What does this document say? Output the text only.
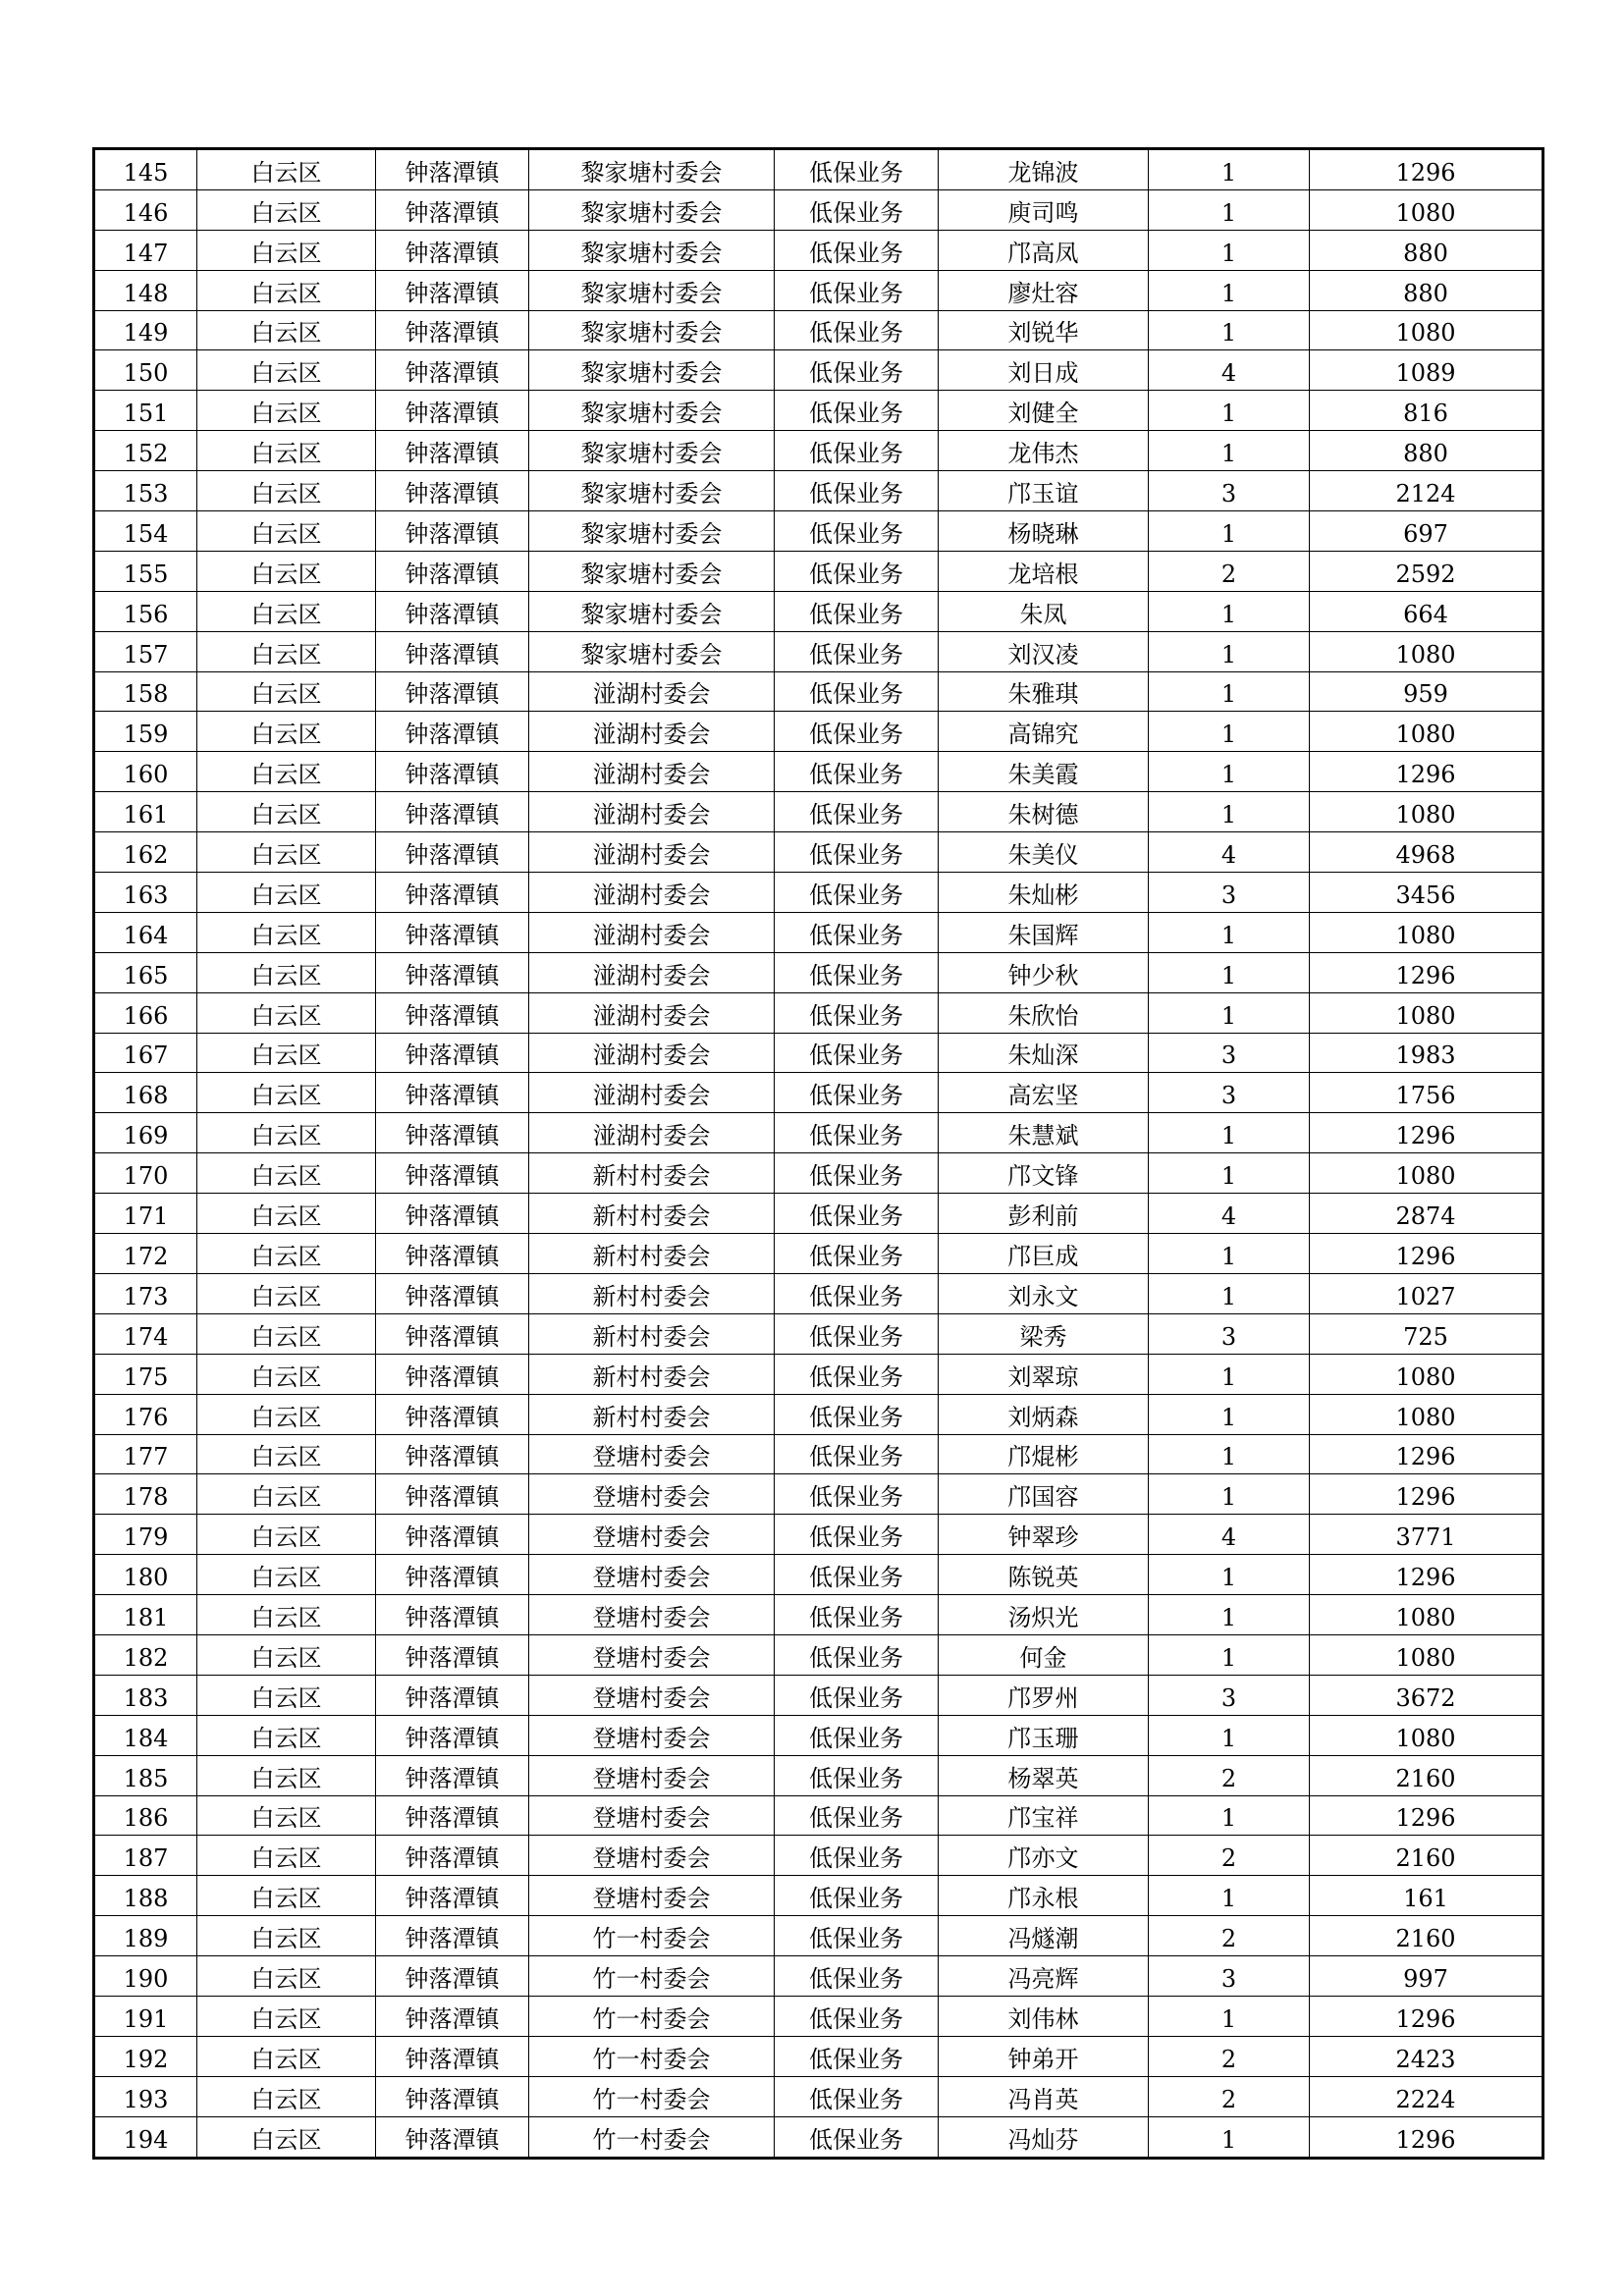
145	白云区	钟落潭镇	黎家塘村委会	低保业务	龙锦波	1	1296
146	白云区	钟落潭镇	黎家塘村委会	低保业务	庾司鸣	1	1080
147	白云区	钟落潭镇	黎家塘村委会	低保业务	邝高凤	1	880
148	白云区	钟落潭镇	黎家塘村委会	低保业务	廖灶容	1	880
149	白云区	钟落潭镇	黎家塘村委会	低保业务	刘锐华	1	1080
150	白云区	钟落潭镇	黎家塘村委会	低保业务	刘日成	4	1089
151	白云区	钟落潭镇	黎家塘村委会	低保业务	刘健全	1	816
152	白云区	钟落潭镇	黎家塘村委会	低保业务	龙伟杰	1	880
153	白云区	钟落潭镇	黎家塘村委会	低保业务	邝玉谊	3	2124
154	白云区	钟落潭镇	黎家塘村委会	低保业务	杨晓琳	1	697
155	白云区	钟落潭镇	黎家塘村委会	低保业务	龙培根	2	2592
156	白云区	钟落潭镇	黎家塘村委会	低保业务	朱凤	1	664
157	白云区	钟落潭镇	黎家塘村委会	低保业务	刘汉凌	1	1080
158	白云区	钟落潭镇	湴湖村委会	低保业务	朱雅琪	1	959
159	白云区	钟落潭镇	湴湖村委会	低保业务	高锦究	1	1080
160	白云区	钟落潭镇	湴湖村委会	低保业务	朱美霞	1	1296
161	白云区	钟落潭镇	湴湖村委会	低保业务	朱树德	1	1080
162	白云区	钟落潭镇	湴湖村委会	低保业务	朱美仪	4	4968
163	白云区	钟落潭镇	湴湖村委会	低保业务	朱灿彬	3	3456
164	白云区	钟落潭镇	湴湖村委会	低保业务	朱国辉	1	1080
165	白云区	钟落潭镇	湴湖村委会	低保业务	钟少秋	1	1296
166	白云区	钟落潭镇	湴湖村委会	低保业务	朱欣怡	1	1080
167	白云区	钟落潭镇	湴湖村委会	低保业务	朱灿深	3	1983
168	白云区	钟落潭镇	湴湖村委会	低保业务	高宏坚	3	1756
169	白云区	钟落潭镇	湴湖村委会	低保业务	朱慧斌	1	1296
170	白云区	钟落潭镇	新村村委会	低保业务	邝文锋	1	1080
171	白云区	钟落潭镇	新村村委会	低保业务	彭利前	4	2874
172	白云区	钟落潭镇	新村村委会	低保业务	邝巨成	1	1296
173	白云区	钟落潭镇	新村村委会	低保业务	刘永文	1	1027
174	白云区	钟落潭镇	新村村委会	低保业务	梁秀	3	725
175	白云区	钟落潭镇	新村村委会	低保业务	刘翠琼	1	1080
176	白云区	钟落潭镇	新村村委会	低保业务	刘炳森	1	1080
177	白云区	钟落潭镇	登塘村委会	低保业务	邝焜彬	1	1296
178	白云区	钟落潭镇	登塘村委会	低保业务	邝国容	1	1296
179	白云区	钟落潭镇	登塘村委会	低保业务	钟翠珍	4	3771
180	白云区	钟落潭镇	登塘村委会	低保业务	陈锐英	1	1296
181	白云区	钟落潭镇	登塘村委会	低保业务	汤炽光	1	1080
182	白云区	钟落潭镇	登塘村委会	低保业务	何金	1	1080
183	白云区	钟落潭镇	登塘村委会	低保业务	邝罗州	3	3672
184	白云区	钟落潭镇	登塘村委会	低保业务	邝玉珊	1	1080
185	白云区	钟落潭镇	登塘村委会	低保业务	杨翠英	2	2160
186	白云区	钟落潭镇	登塘村委会	低保业务	邝宝祥	1	1296
187	白云区	钟落潭镇	登塘村委会	低保业务	邝亦文	2	2160
188	白云区	钟落潭镇	登塘村委会	低保业务	邝永根	1	161
189	白云区	钟落潭镇	竹一村委会	低保业务	冯燧潮	2	2160
190	白云区	钟落潭镇	竹一村委会	低保业务	冯亮辉	3	997
191	白云区	钟落潭镇	竹一村委会	低保业务	刘伟林	1	1296
192	白云区	钟落潭镇	竹一村委会	低保业务	钟弟开	2	2423
193	白云区	钟落潭镇	竹一村委会	低保业务	冯肖英	2	2224
194	白云区	钟落潭镇	竹一村委会	低保业务	冯灿芬	1	1296
